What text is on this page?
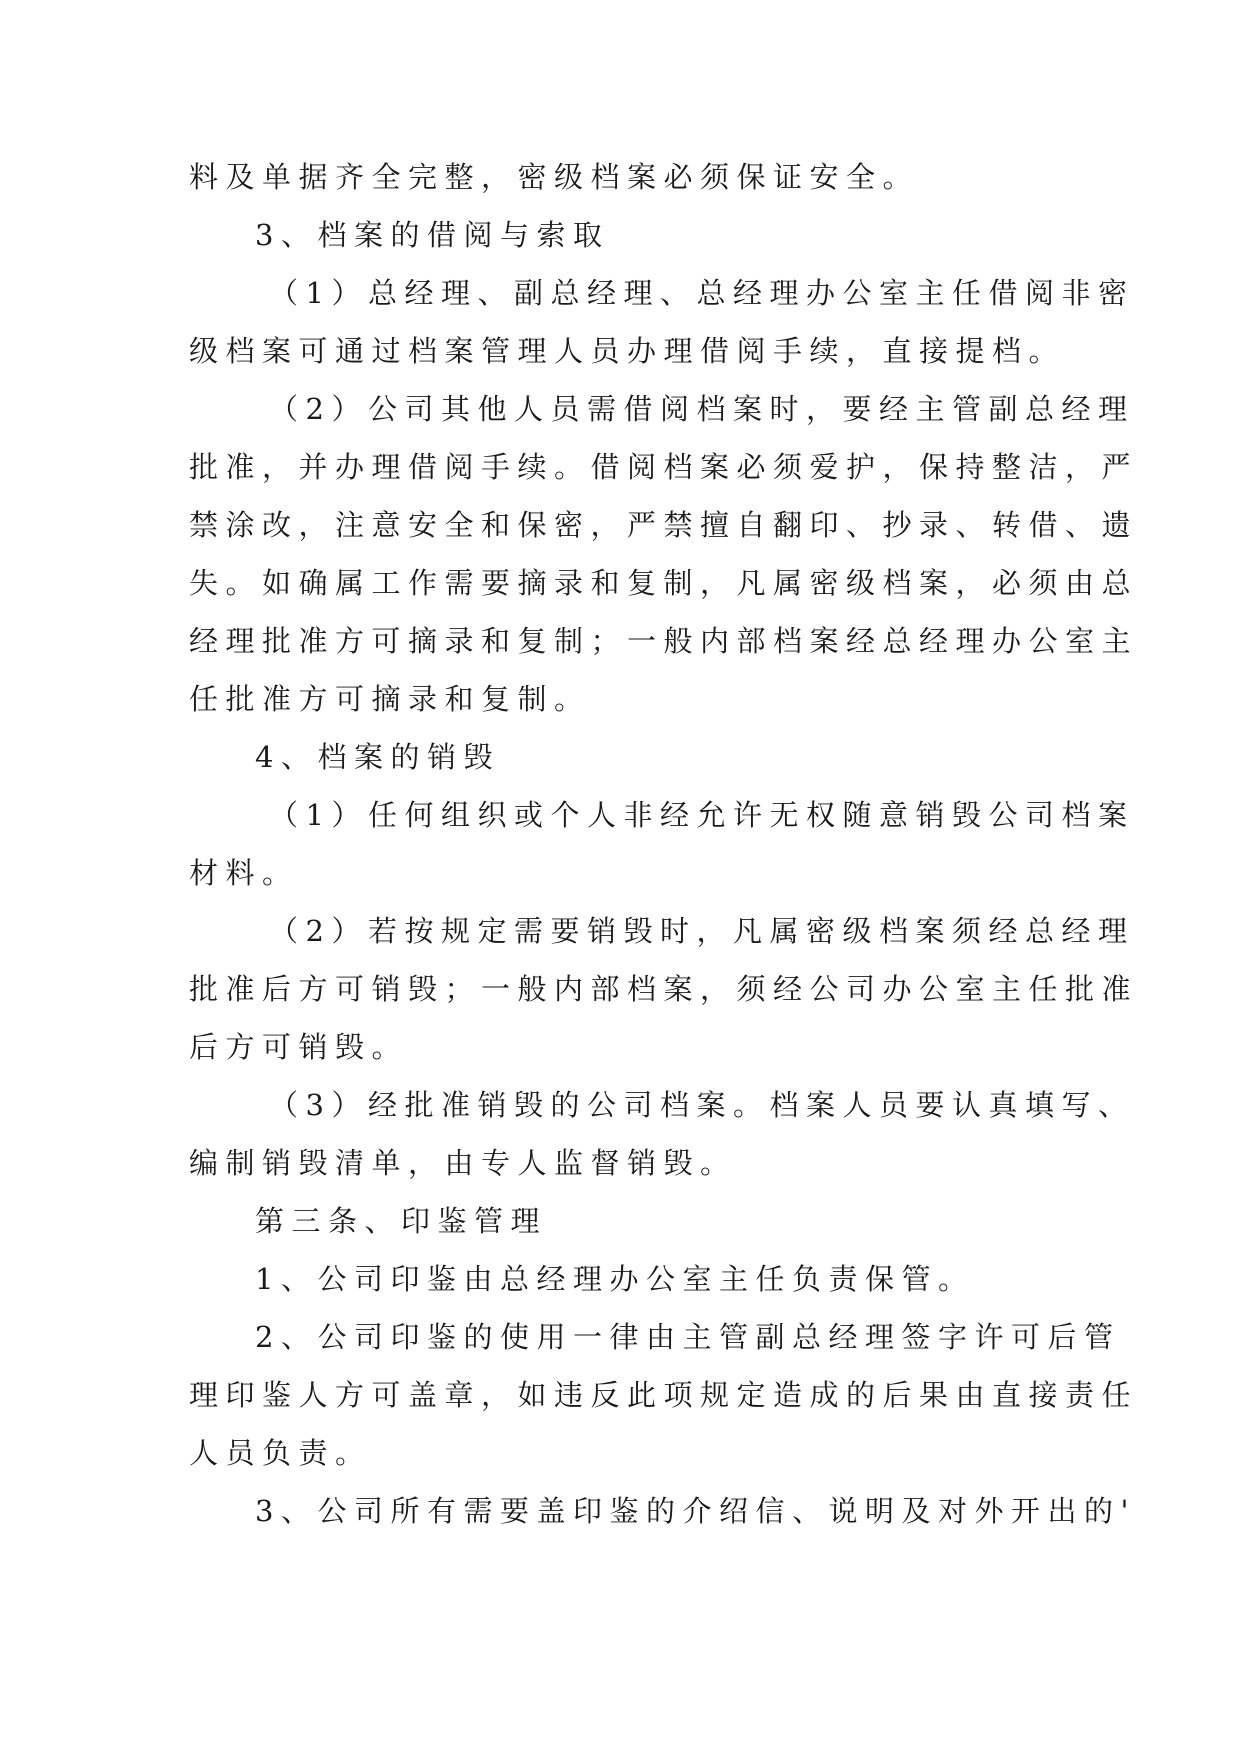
料及单据齐全完整，密级档案必须保证安全。
3、档案的借阅与索取
（1）总经理、副总经理、总经理办公室主任借阅非密
级档案可通过档案管理人员办理借阅手续，直接提档。
（2）公司其他人员需借阅档案时，要经主管副总经理
批准，并办理借阅手续。借阅档案必须爱护，保持整洁，严
禁涂改，注意安全和保密，严禁擅自翻印、抄录、转借、遗
失。如确属工作需要摘录和复制，凡属密级档案，必须由总
经理批准方可摘录和复制；一般内部档案经总经理办公室主
任批准方可摘录和复制。
4、档案的销毁
（1）任何组织或个人非经允许无权随意销毁公司档案
材料。
（2）若按规定需要销毁时，凡属密级档案须经总经理
批准后方可销毁；一般内部档案，须经公司办公室主任批准
后方可销毁。
（3）经批准销毁的公司档案。档案人员要认真填写、
编制销毁清单，由专人监督销毁。
第三条、印鉴管理
1、公司印鉴由总经理办公室主任负责保管。
2、公司印鉴的使用一律由主管副总经理签字许可后管
理印鉴人方可盖章，如违反此项规定造成的后果由直接责任
人员负责。
3、公司所有需要盖印鉴的介绍信、说明及对外开出的'
